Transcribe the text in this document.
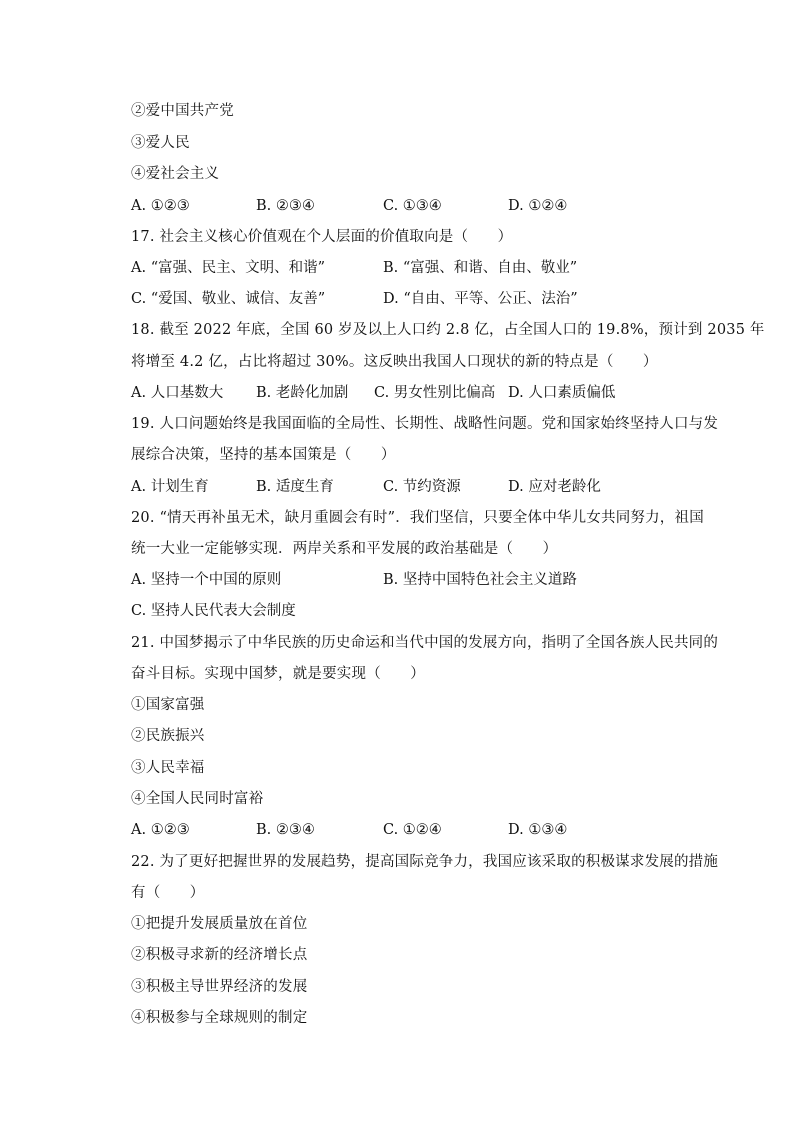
②爱中国共产党
③爱人民
④爱社会主义
A. ①②③	B. ②③④	C. ①③④	D. ①②④
17. 社会主义核心价值观在个人层面的价值取向是（　　）
A. “富强、民主、文明、和谐”	B. “富强、和谐、自由、敬业”
C. “爱国、敬业、诚信、友善”	D. “自由、平等、公正、法治”
18. 截至 2022 年底，全国 60 岁及以上人口约 2.8 亿，占全国人口的 19.8%，预计到 2035 年
将增至 4.2 亿，占比将超过 30%。这反映出我国人口现状的新的特点是（　　）
A. 人口基数大 B. 老龄化加剧 C. 男女性别比偏高 D. 人口素质偏低
19. 人口问题始终是我国面临的全局性、长期性、战略性问题。党和国家始终坚持人口与发
展综合决策，坚持的基本国策是（　　）
A. 计划生育	B. 适度生育	C. 节约资源	D. 应对老龄化
20. “情天再补虽无术，缺月重圆会有时”．我们坚信，只要全体中华儿女共同努力，祖国
统一大业一定能够实现．两岸关系和平发展的政治基础是（　　）
A. 坚持一个中国的原则	B. 坚持中国特色社会主义道路
C. 坚持人民代表大会制度
21. 中国梦揭示了中华民族的历史命运和当代中国的发展方向，指明了全国各族人民共同的
奋斗目标。实现中国梦，就是要实现（　　）
①国家富强
②民族振兴
③人民幸福
④全国人民同时富裕
A. ①②③	B. ②③④	C. ①②④	D. ①③④
22. 为了更好把握世界的发展趋势，提高国际竞争力，我国应该采取的积极谋求发展的措施
有（　　）
①把提升发展质量放在首位
②积极寻求新的经济增长点
③积极主导世界经济的发展
④积极参与全球规则的制定
